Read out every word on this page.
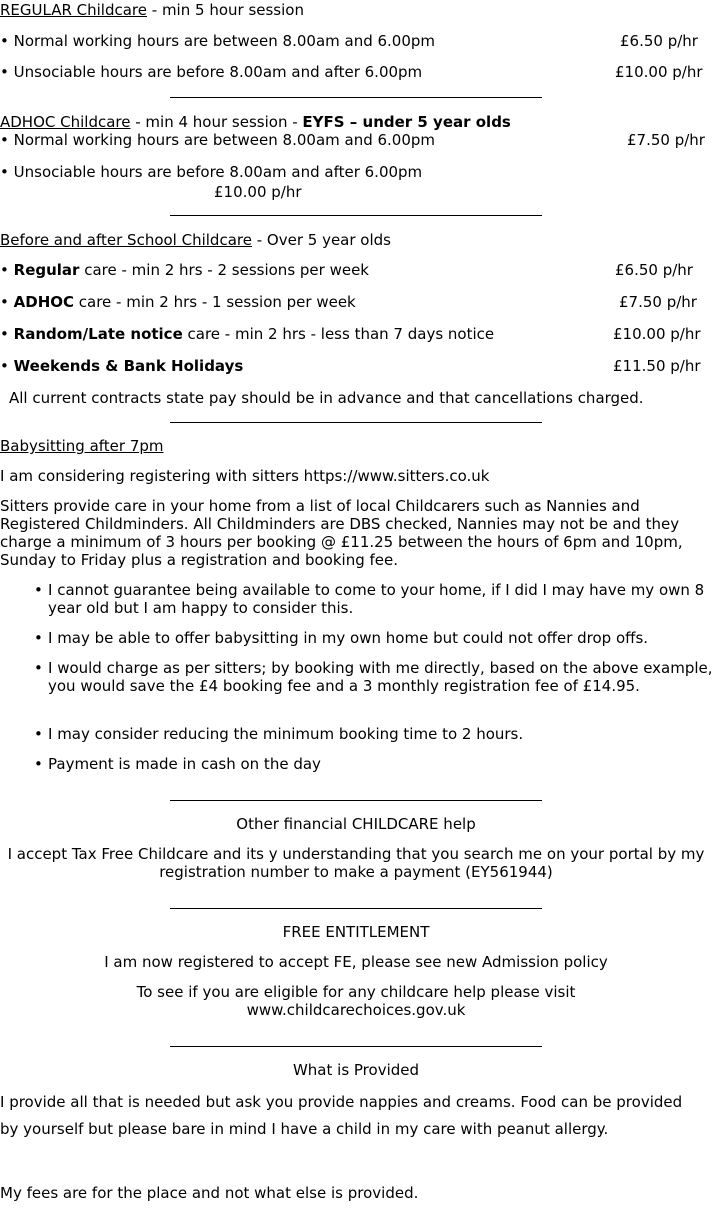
REGULAR Childcare - min 5 hour session
• Normal working hours are between 8.00am and 6.00pm	£6.50 p/hr
• Unsociable hours are before 8.00am and after 6.00pm	£10.00 p/hr
ADHOC Childcare - min 4 hour session - EYFS – under 5 year olds
• Normal working hours are between 8.00am and 6.00pm	£7.50 p/hr
• Unsociable hours are before 8.00am and after 6.00pm
£10.00 p/hr
Before and after School Childcare - Over 5 year olds
• Regular care - min 2 hrs - 2 sessions per week	£6.50 p/hr
• ADHOC care - min 2 hrs - 1 session per week	£7.50 p/hr
• Random/Late notice care - min 2 hrs - less than 7 days notice	£10.00 p/hr
• Weekends & Bank Holidays	£11.50 p/hr
All current contracts state pay should be in advance and that cancellations charged.
Babysitting after 7pm
I am considering registering with sitters https://www.sitters.co.uk
Sitters provide care in your home from a list of local Childcarers such as Nannies and Registered Childminders. All Childminders are DBS checked, Nannies may not be and they charge a minimum of 3 hours per booking @ £11.25 between the hours of 6pm and 10pm, Sunday to Friday plus a registration and booking fee.
• I cannot guarantee being available to come to your home, if I did I may have my own 8 year old but I am happy to consider this.
• I may be able to offer babysitting in my own home but could not offer drop offs.
• I would charge as per sitters; by booking with me directly, based on the above example, you would save the £4 booking fee and a 3 monthly registration fee of £14.95.
• I may consider reducing the minimum booking time to 2 hours.
• Payment is made in cash on the day
Other financial CHILDCARE help
I accept Tax Free Childcare and its y understanding that you search me on your portal by my registration number to make a payment (EY561944)
FREE ENTITLEMENT
I am now registered to accept FE, please see new Admission policy
To see if you are eligible for any childcare help please visit www.childcarechoices.gov.uk
What is Provided
I provide all that is needed but ask you provide nappies and creams. Food can be provided by yourself but please bare in mind I have a child in my care with peanut allergy.
My fees are for the place and not what else is provided.
